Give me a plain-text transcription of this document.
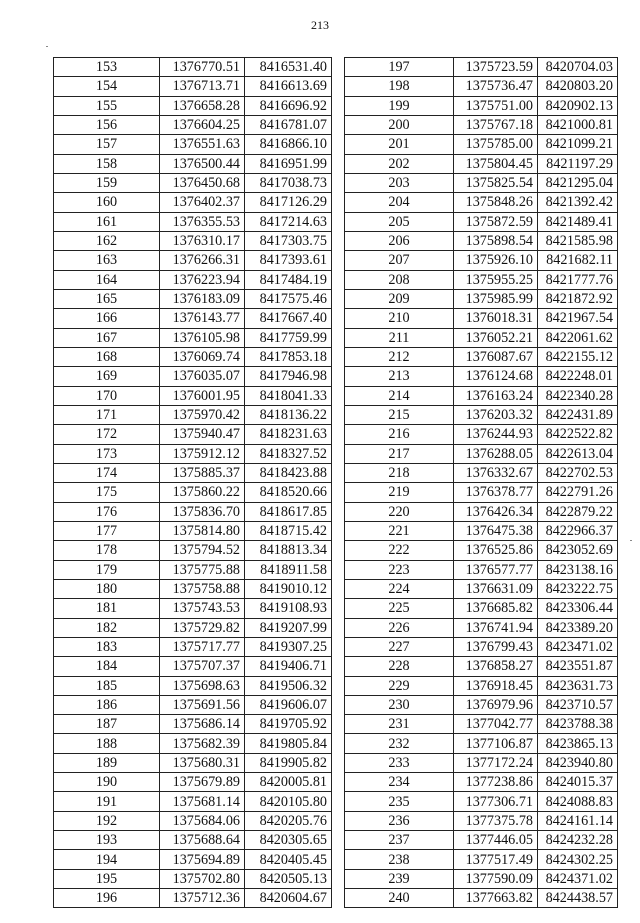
213
153	1376770.51	8416531.40
154	1376713.71	8416613.69
155	1376658.28	8416696.92
156	1376604.25	8416781.07
157	1376551.63	8416866.10
158	1376500.44	8416951.99
159	1376450.68	8417038.73
160	1376402.37	8417126.29
161	1376355.53	8417214.63
162	1376310.17	8417303.75
163	1376266.31	8417393.61
164	1376223.94	8417484.19
165	1376183.09	8417575.46
166	1376143.77	8417667.40
167	1376105.98	8417759.99
168	1376069.74	8417853.18
169	1376035.07	8417946.98
170	1376001.95	8418041.33
171	1375970.42	8418136.22
172	1375940.47	8418231.63
173	1375912.12	8418327.52
174	1375885.37	8418423.88
175	1375860.22	8418520.66
176	1375836.70	8418617.85
177	1375814.80	8418715.42
178	1375794.52	8418813.34
179	1375775.88	8418911.58
180	1375758.88	8419010.12
181	1375743.53	8419108.93
182	1375729.82	8419207.99
183	1375717.77	8419307.25
184	1375707.37	8419406.71
185	1375698.63	8419506.32
186	1375691.56	8419606.07
187	1375686.14	8419705.92
188	1375682.39	8419805.84
189	1375680.31	8419905.82
190	1375679.89	8420005.81
191	1375681.14	8420105.80
192	1375684.06	8420205.76
193	1375688.64	8420305.65
194	1375694.89	8420405.45
195	1375702.80	8420505.13
196	1375712.36	8420604.67
197	1375723.59	8420704.03
198	1375736.47	8420803.20
199	1375751.00	8420902.13
200	1375767.18	8421000.81
201	1375785.00	8421099.21
202	1375804.45	8421197.29
203	1375825.54	8421295.04
204	1375848.26	8421392.42
205	1375872.59	8421489.41
206	1375898.54	8421585.98
207	1375926.10	8421682.11
208	1375955.25	8421777.76
209	1375985.99	8421872.92
210	1376018.31	8421967.54
211	1376052.21	8422061.62
212	1376087.67	8422155.12
213	1376124.68	8422248.01
214	1376163.24	8422340.28
215	1376203.32	8422431.89
216	1376244.93	8422522.82
217	1376288.05	8422613.04
218	1376332.67	8422702.53
219	1376378.77	8422791.26
220	1376426.34	8422879.22
221	1376475.38	8422966.37
222	1376525.86	8423052.69
223	1376577.77	8423138.16
224	1376631.09	8423222.75
225	1376685.82	8423306.44
226	1376741.94	8423389.20
227	1376799.43	8423471.02
228	1376858.27	8423551.87
229	1376918.45	8423631.73
230	1376979.96	8423710.57
231	1377042.77	8423788.38
232	1377106.87	8423865.13
233	1377172.24	8423940.80
234	1377238.86	8424015.37
235	1377306.71	8424088.83
236	1377375.78	8424161.14
237	1377446.05	8424232.28
238	1377517.49	8424302.25
239	1377590.09	8424371.02
240	1377663.82	8424438.57
